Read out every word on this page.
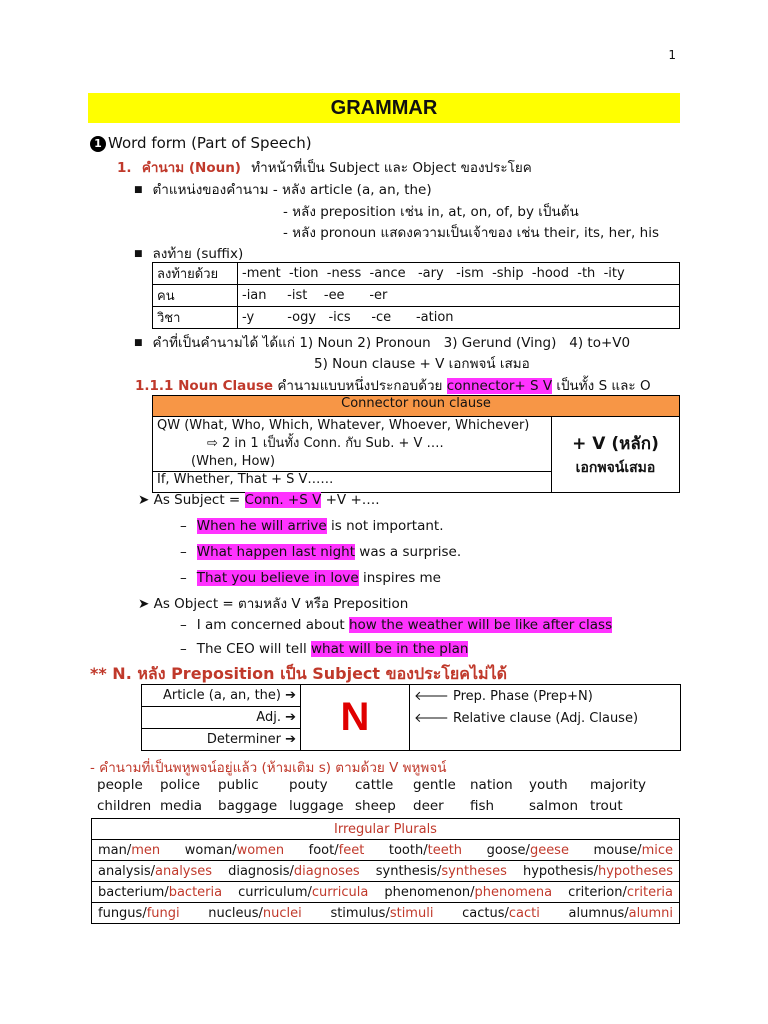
1
GRAMMAR
1 Word form (Part of Speech)
1. คำนาม (Noun) ทำหน้าที่เป็น Subject และ Object ของประโยค
■ ตำแหน่งของคำนาม - หลัง article (a, an, the)
- หลัง preposition เช่น in, at, on, of, by เป็นต้น
- หลัง pronoun แสดงความเป็นเจ้าของ เช่น their, its, her, his
■ ลงท้าย (suffix)
ลงท้ายด้วย	-ment  -tion  -ness  -ance   -ary   -ism  -ship  -hood  -th  -ity
คน	-ian     -ist    -ee      -er
วิชา	-y        -ogy   -ics     -ce      -ation
■ คำที่เป็นคำนามได้ ได้แก่ 1) Noun 2) Pronoun   3) Gerund (Ving)   4) to+V0
5) Noun clause + V เอกพจน์ เสมอ
1.1.1 Noun Clause คำนามแบบหนึ่งประกอบด้วย connector+ S V เป็นทั้ง S และ O
Connector noun clause

QW (What, Who, Which, Whatever, Whoever, Whichever)
⇨ 2 in 1 เป็นทั้ง Conn. กับ Sub. + V ….
(When, How)

+ V (หลัก)
เอกพจน์เสมอ

If, Whether, That + S V……
➤ As Subject = Conn. +S V +V +….
– When he will arrive is not important.
– What happen last night was a surprise.
– That you believe in love inspires me
➤ As Object = ตามหลัง V หรือ Preposition
– I am concerned about how the weather will be like after class
– The CEO will tell what will be in the plan
** N. หลัง Preposition เป็น Subject ของประโยคไม่ได้
Article (a, an, the) ➔	N	🡐 Prep. Phase (Prep+N)
Adj. ➔		🡐 Relative clause (Adj. Clause)
Determiner ➔		
- คำนามที่เป็นพหูพจน์อยู่แล้ว (ห้ามเติม s) ตามด้วย V พหูพจน์
people police public pouty cattle gentle nation youth majority
children media baggage luggage sheep deer fish	salmon trout
Irregular Plurals

man/men woman/women foot/feet tooth/teeth goose/geese mouse/mice

analysis/analyses diagnosis/diagnoses synthesis/syntheses hypothesis/hypotheses

bacterium/bacteria curriculum/curricula phenomenon/phenomena criterion/criteria

fungus/fungi nucleus/nuclei stimulus/stimuli cactus/cacti alumnus/alumni
